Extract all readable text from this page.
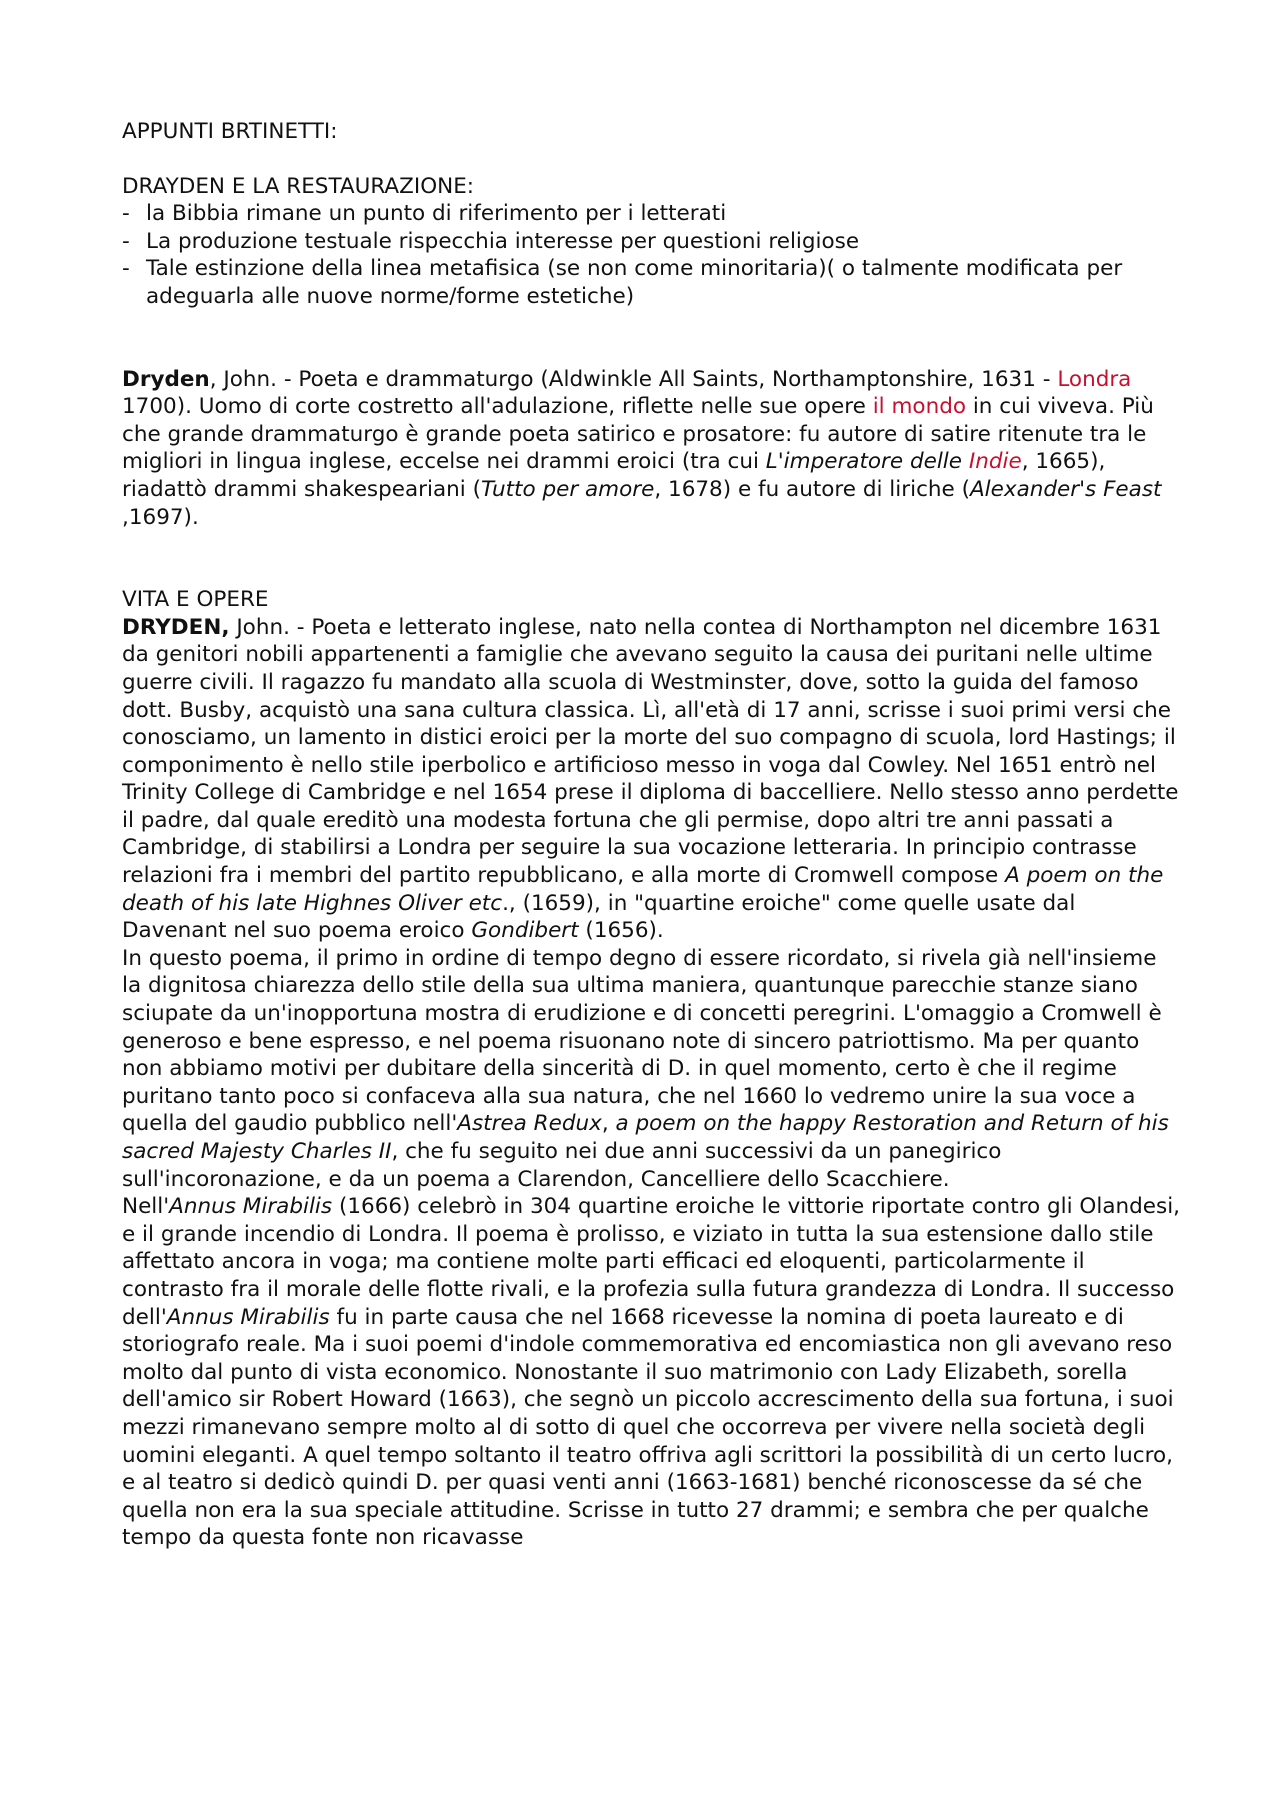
APPUNTI BRTINETTI:

DRAYDEN E LA RESTAURAZIONE:

- la Bibbia rimane un punto di riferimento per i letterati
- La produzione testuale rispecchia interesse per questioni religiose
- Tale estinzione della linea metafisica (se non come minoritaria)( o talmente modificata per adeguarla alle nuove norme/forme estetiche)

Dryden, John. - Poeta e drammaturgo (Aldwinkle All Saints, Northamptonshire, 1631 - Londra 1700). Uomo di corte costretto all'adulazione, riflette nelle sue opere il mondo in cui viveva. Più che grande drammaturgo è grande poeta satirico e prosatore: fu autore di satire ritenute tra le migliori in lingua inglese, eccelse nei drammi eroici (tra cui L'imperatore delle Indie, 1665), riadattò drammi shakespeariani (Tutto per amore, 1678) e fu autore di liriche (Alexander's Feast ,1697).

VITA E OPERE

DRYDEN, John. - Poeta e letterato inglese, nato nella contea di Northampton nel dicembre 1631 da genitori nobili appartenenti a famiglie che avevano seguito la causa dei puritani nelle ultime guerre civili. Il ragazzo fu mandato alla scuola di Westminster, dove, sotto la guida del famoso dott. Busby, acquistò una sana cultura classica. Lì, all'età di 17 anni, scrisse i suoi primi versi che conosciamo, un lamento in distici eroici per la morte del suo compagno di scuola, lord Hastings; il componimento è nello stile iperbolico e artificioso messo in voga dal Cowley. Nel 1651 entrò nel Trinity College di Cambridge e nel 1654 prese il diploma di baccelliere. Nello stesso anno perdette il padre, dal quale ereditò una modesta fortuna che gli permise, dopo altri tre anni passati a Cambridge, di stabilirsi a Londra per seguire la sua vocazione letteraria. In principio contrasse relazioni fra i membri del partito repubblicano, e alla morte di Cromwell compose A poem on the death of his late Highnes Oliver etc., (1659), in "quartine eroiche" come quelle usate dal Davenant nel suo poema eroico Gondibert (1656).

In questo poema, il primo in ordine di tempo degno di essere ricordato, si rivela già nell'insieme la dignitosa chiarezza dello stile della sua ultima maniera, quantunque parecchie stanze siano sciupate da un'inopportuna mostra di erudizione e di concetti peregrini. L'omaggio a Cromwell è generoso e bene espresso, e nel poema risuonano note di sincero patriottismo. Ma per quanto non abbiamo motivi per dubitare della sincerità di D. in quel momento, certo è che il regime puritano tanto poco si confaceva alla sua natura, che nel 1660 lo vedremo unire la sua voce a quella del gaudio pubblico nell'Astrea Redux, a poem on the happy Restoration and Return of his sacred Majesty Charles II, che fu seguito nei due anni successivi da un panegirico sull'incoronazione, e da un poema a Clarendon, Cancelliere dello Scacchiere.

Nell'Annus Mirabilis (1666) celebrò in 304 quartine eroiche le vittorie riportate contro gli Olandesi, e il grande incendio di Londra. Il poema è prolisso, e viziato in tutta la sua estensione dallo stile affettato ancora in voga; ma contiene molte parti efficaci ed eloquenti, particolarmente il contrasto fra il morale delle flotte rivali, e la profezia sulla futura grandezza di Londra. Il successo dell'Annus Mirabilis fu in parte causa che nel 1668 ricevesse la nomina di poeta laureato e di storiografo reale. Ma i suoi poemi d'indole commemorativa ed encomiastica non gli avevano reso molto dal punto di vista economico. Nonostante il suo matrimonio con Lady Elizabeth, sorella dell'amico sir Robert Howard (1663), che segnò un piccolo accrescimento della sua fortuna, i suoi mezzi rimanevano sempre molto al di sotto di quel che occorreva per vivere nella società degli uomini eleganti. A quel tempo soltanto il teatro offriva agli scrittori la possibilità di un certo lucro, e al teatro si dedicò quindi D. per quasi venti anni (1663-1681) benché riconoscesse da sé che quella non era la sua speciale attitudine. Scrisse in tutto 27 drammi; e sembra che per qualche tempo da questa fonte non ricavasse
